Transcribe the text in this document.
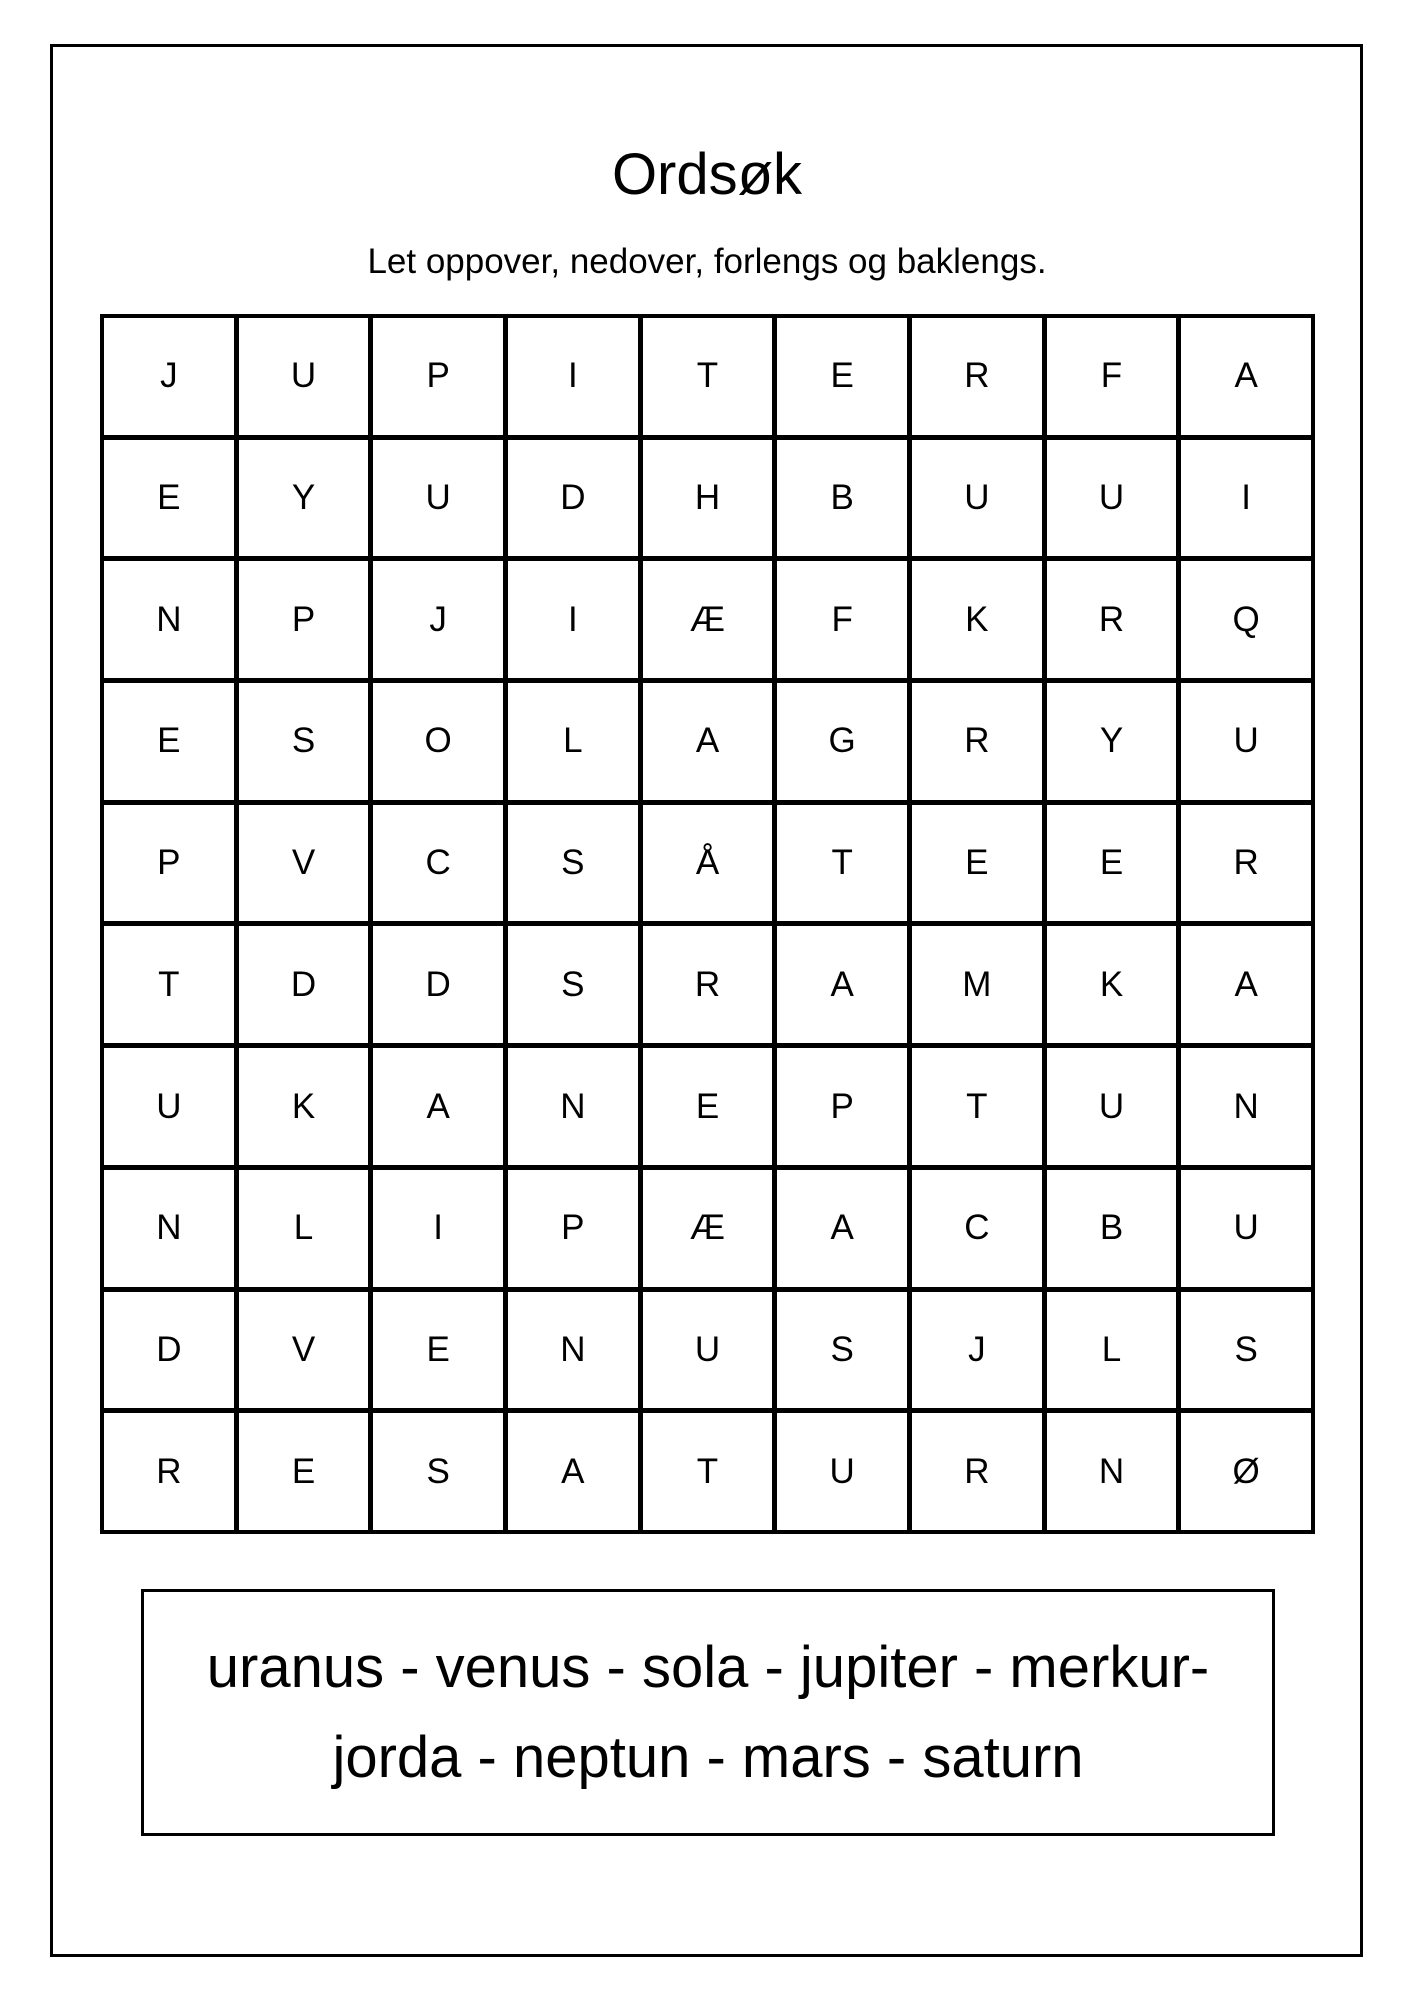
Ordsøk
Let oppover, nedover, forlengs og baklengs.
J	U	P	I	T	E	R	F	A
E	Y	U	D	H	B	U	U	I
N	P	J	I	Æ	F	K	R	Q
E	S	O	L	A	G	R	Y	U
P	V	C	S	Å	T	E	E	R
T	D	D	S	R	A	M	K	A
U	K	A	N	E	P	T	U	N
N	L	I	P	Æ	A	C	B	U
D	V	E	N	U	S	J	L	S
R	E	S	A	T	U	R	N	Ø
uranus - venus - sola - jupiter - merkur-
jorda - neptun - mars - saturn
